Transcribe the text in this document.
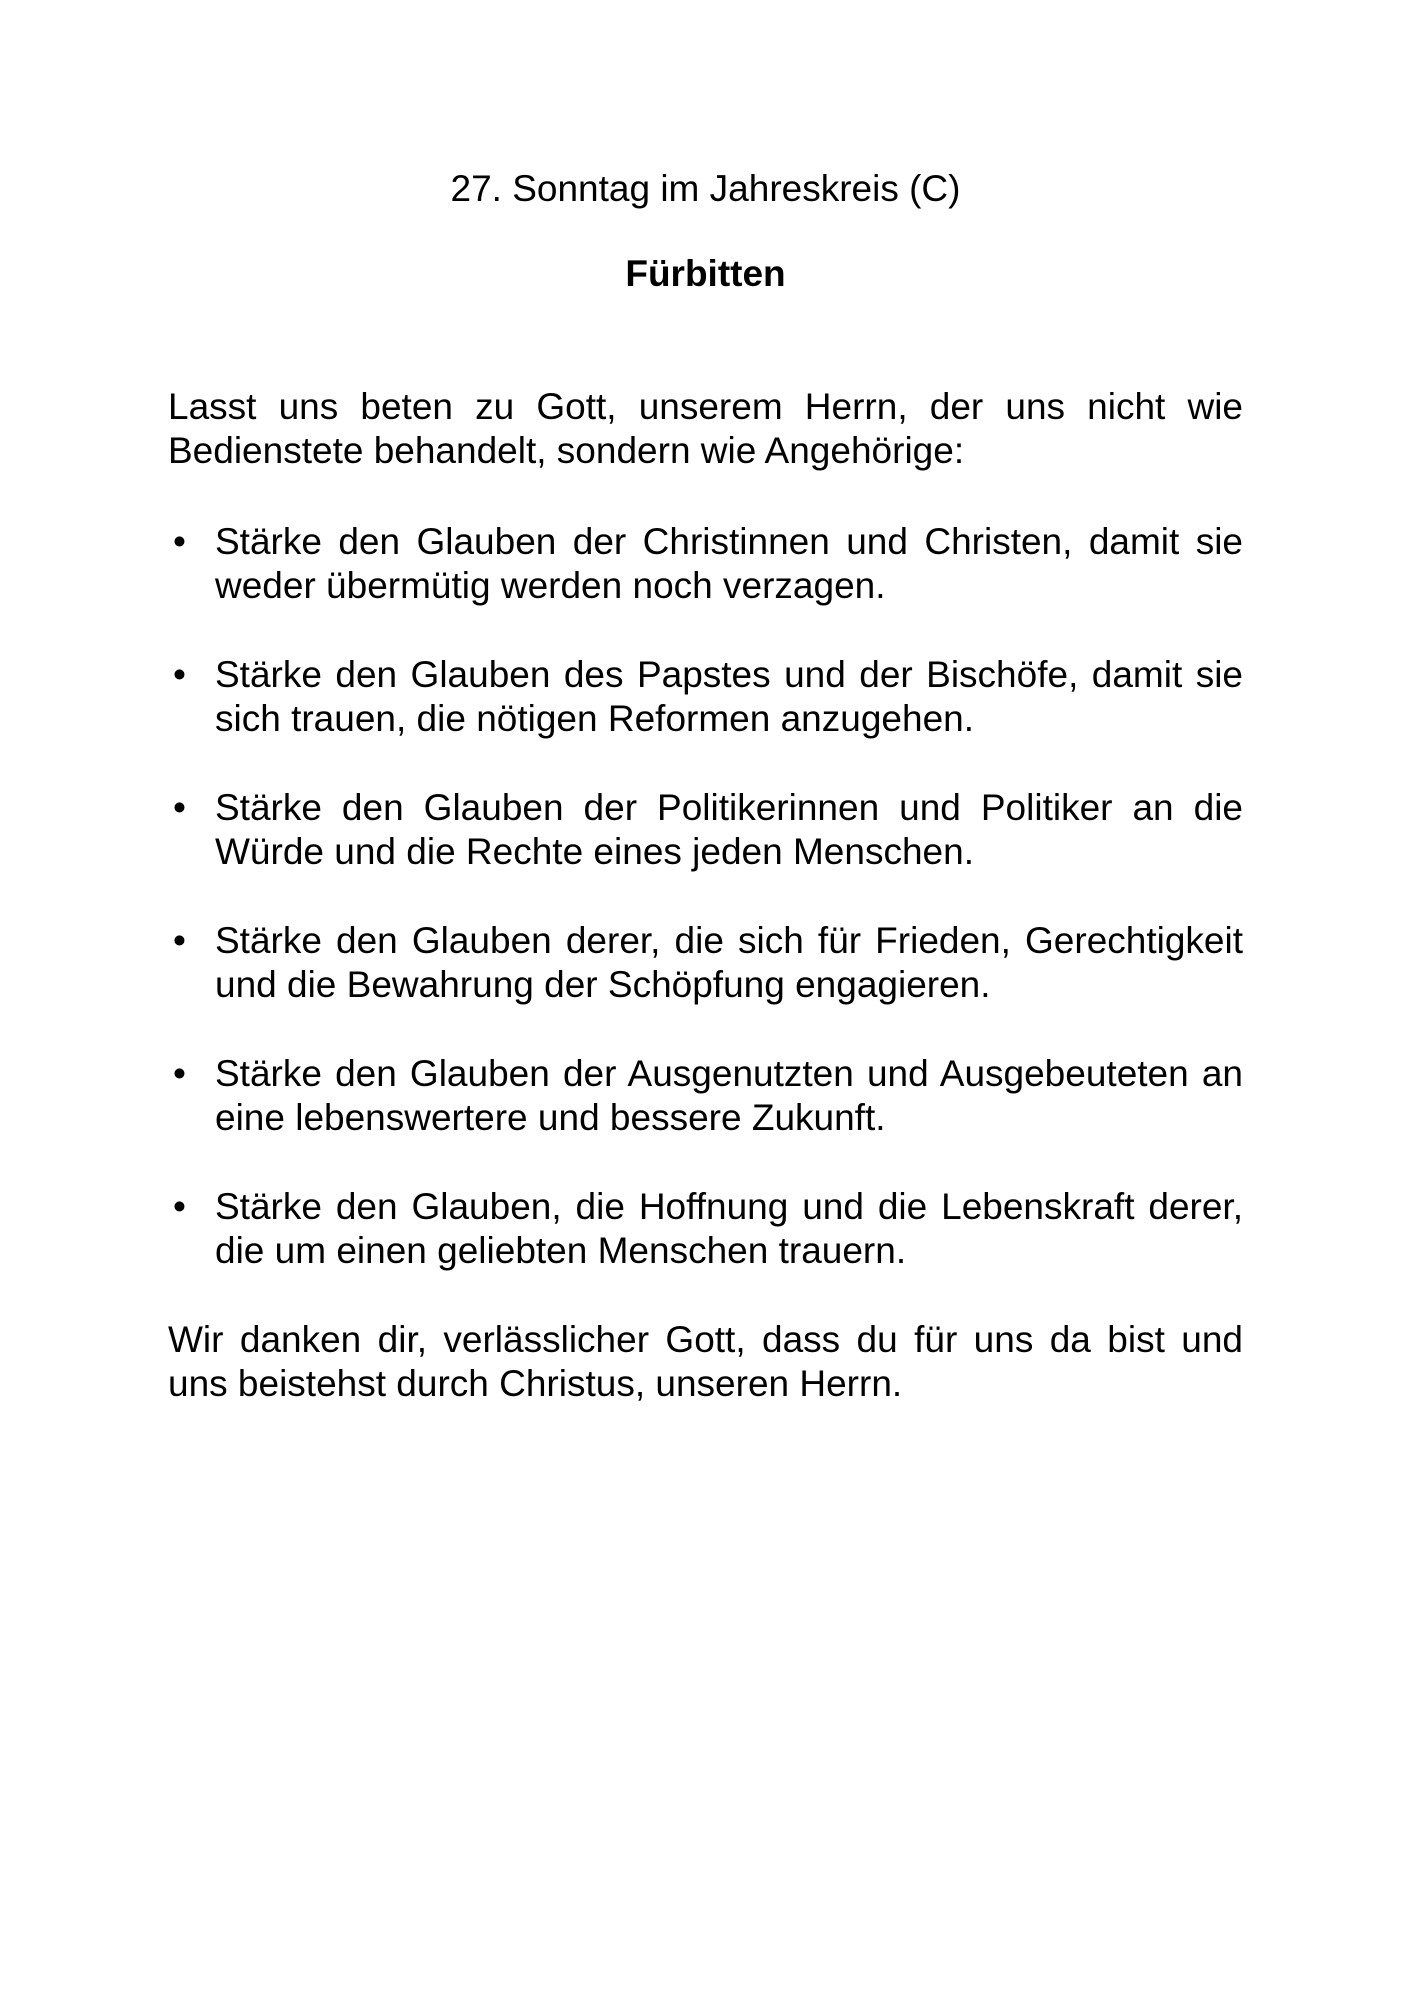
27. Sonntag im Jahreskreis (C)
Fürbitten

Lasst uns beten zu Gott, unserem Herrn, der uns nicht wie Bedienstete behandelt, sondern wie Angehörige:

• Stärke den Glauben der Christinnen und Christen, damit sie weder übermütig werden noch verzagen.
• Stärke den Glauben des Papstes und der Bischöfe, damit sie sich trauen, die nötigen Reformen anzugehen.
• Stärke den Glauben der Politikerinnen und Politiker an die Würde und die Rechte eines jeden Menschen.
• Stärke den Glauben derer, die sich für Frieden, Gerechtigkeit und die Bewahrung der Schöpfung engagieren.
• Stärke den Glauben der Ausgenutzten und Ausgebeuteten an eine lebenswertere und bessere Zukunft.
• Stärke den Glauben, die Hoffnung und die Lebenskraft derer, die um einen geliebten Menschen trauern.

Wir danken dir, verlässlicher Gott, dass du für uns da bist und uns beistehst durch Christus, unseren Herrn.
